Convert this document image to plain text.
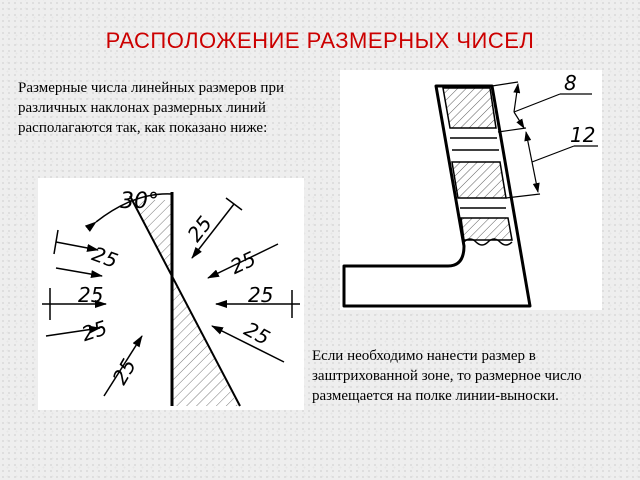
РАСПОЛОЖЕНИЕ РАЗМЕРНЫХ ЧИСЕЛ
Размерные числа линейных размеров при различных наклонах размерных линий располагаются так, как показано ниже:
30°
25
25
25
25
25
25
25
25
8
12
Если необходимо нанести размер в заштрихованной зоне, то размерное число размещается на полке линии-выноски.
